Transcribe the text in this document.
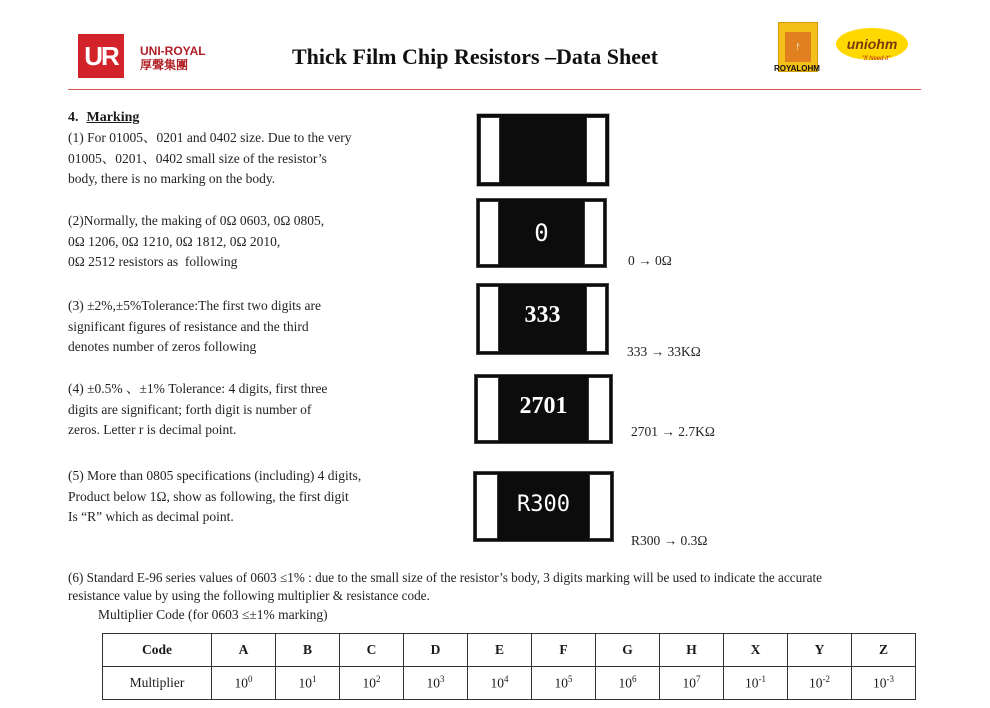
UR UNI-ROYAL
厚聲集團	Thick Film Chip Resistors –Data Sheet	ᚠ
ROYALOHM
uniohm
"If Need it"
4. Marking
(1) For 01005、0201 and 0402 size. Due to the very
01005、0201、0402 small size of the resistor’s
body, there is no marking on the body.
(2)Normally, the making of 0Ω 0603, 0Ω 0805,
0Ω 1206, 0Ω 1210, 0Ω 1812, 0Ω 2010,
0Ω 2512 resistors as  following
0
0 → 0Ω
(3) ±2%,±5%Tolerance:The first two digits are
significant figures of resistance and the third
denotes number of zeros following
333
333 → 33KΩ
(4) ±0.5% 、±1% Tolerance: 4 digits, first three
digits are significant; forth digit is number of
zeros. Letter r is decimal point.
2701
2701 → 2.7KΩ
(5) More than 0805 specifications (including) 4 digits,
Product below 1Ω, show as following, the first digit
Is “R” which as decimal point.	R300
R300 → 0.3Ω
(6) Standard E-96 series values of 0603 ≤1% : due to the small size of the resistor’s body, 3 digits marking will be used to indicate the accurate
resistance value by using the following multiplier & resistance code.
Multiplier Code (for 0603 ≤±1% marking)
Code	A	B	C	D	E	F	G	H	X	Y	Z
Multiplier	$10^0$	$10^1$	$10^2$	$10^3$	$10^4$	$10^5$	$10^6$	$10^7$	$10^{-1}$	$10^{-2}$	$10^{-3}$
